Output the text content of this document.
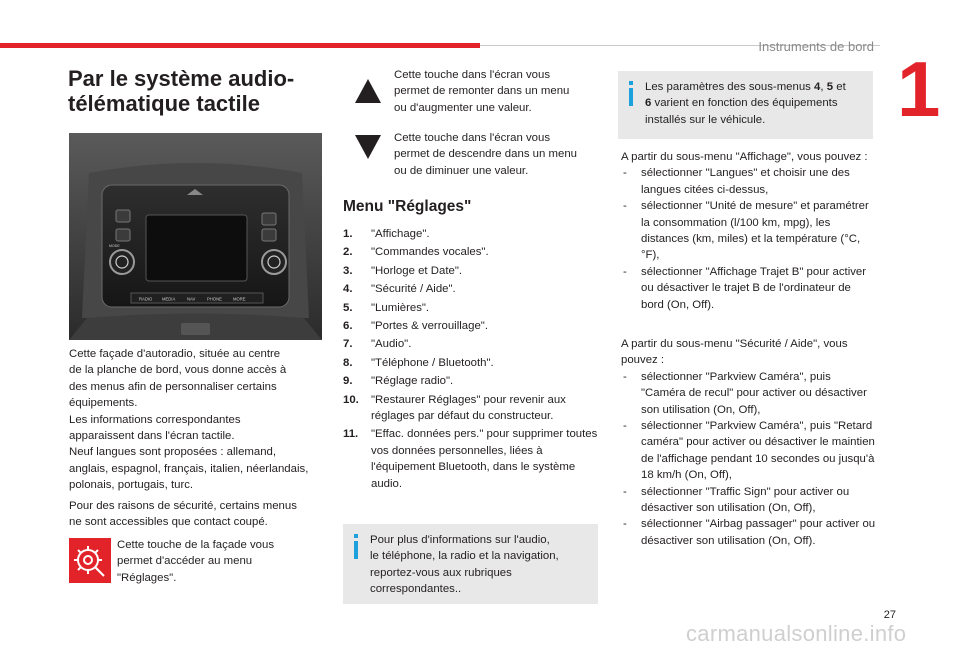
Instruments de bord 1
Par le système audio-
télématique tactile
RADIO MEDIA	NAV	PHONE	MORE
MODE
Cette façade d'autoradio, située au centre
de la planche de bord, vous donne accès à
des menus afin de personnaliser certains
équipements.
Les informations correspondantes
apparaissent dans l'écran tactile.
Neuf langues sont proposées : allemand,
anglais, espagnol, français, italien, néerlandais,
polonais, portugais, turc.
Pour des raisons de sécurité, certains menus
ne sont accessibles que contact coupé.
Cette touche de la façade vous
permet d'accéder au menu
"Réglages".
Cette touche dans l'écran vous
permet de remonter dans un menu
ou d'augmenter une valeur.
Cette touche dans l'écran vous
permet de descendre dans un menu
ou de diminuer une valeur.
Menu "Réglages"
1.	"Affichage".
2.	"Commandes vocales".
3.	"Horloge et Date".
4.	"Sécurité / Aide".
5.	"Lumières".
6.	"Portes & verrouillage".
7.	"Audio".
8.	"Téléphone / Bluetooth".
9.	"Réglage radio".
10.	"Restaurer Réglages" pour revenir aux réglages par défaut du constructeur.
11.	"Effac. données pers." pour supprimer toutes vos données personnelles, liées à l'équipement Bluetooth, dans le système audio.
Pour plus d'informations sur l'audio,
le téléphone, la radio et la navigation,
reportez-vous aux rubriques
correspondantes..
Les paramètres des sous-menus 4, 5 et
6 varient en fonction des équipements installés sur le véhicule.
A partir du sous-menu "Affichage", vous pouvez :
- sélectionner "Langues" et choisir une des langues citées ci-dessus,
- sélectionner "Unité de mesure" et paramétrer la consommation (l/100 km, mpg), les distances (km, miles) et la température (°C, °F),
- sélectionner "Affichage Trajet B" pour activer ou désactiver le trajet B de l'ordinateur de bord (On, Off).
A partir du sous-menu "Sécurité / Aide", vous pouvez :
- sélectionner "Parkview Caméra", puis "Caméra de recul" pour activer ou désactiver son utilisation (On, Off),
- sélectionner "Parkview Caméra", puis "Retard caméra" pour activer ou désactiver le maintien de l'affichage pendant 10 secondes ou jusqu'à 18 km/h (On, Off),
- sélectionner "Traffic Sign" pour activer ou désactiver son utilisation (On, Off),
- sélectionner "Airbag passager" pour activer ou désactiver son utilisation (On, Off).
27
carmanualsonline.info
